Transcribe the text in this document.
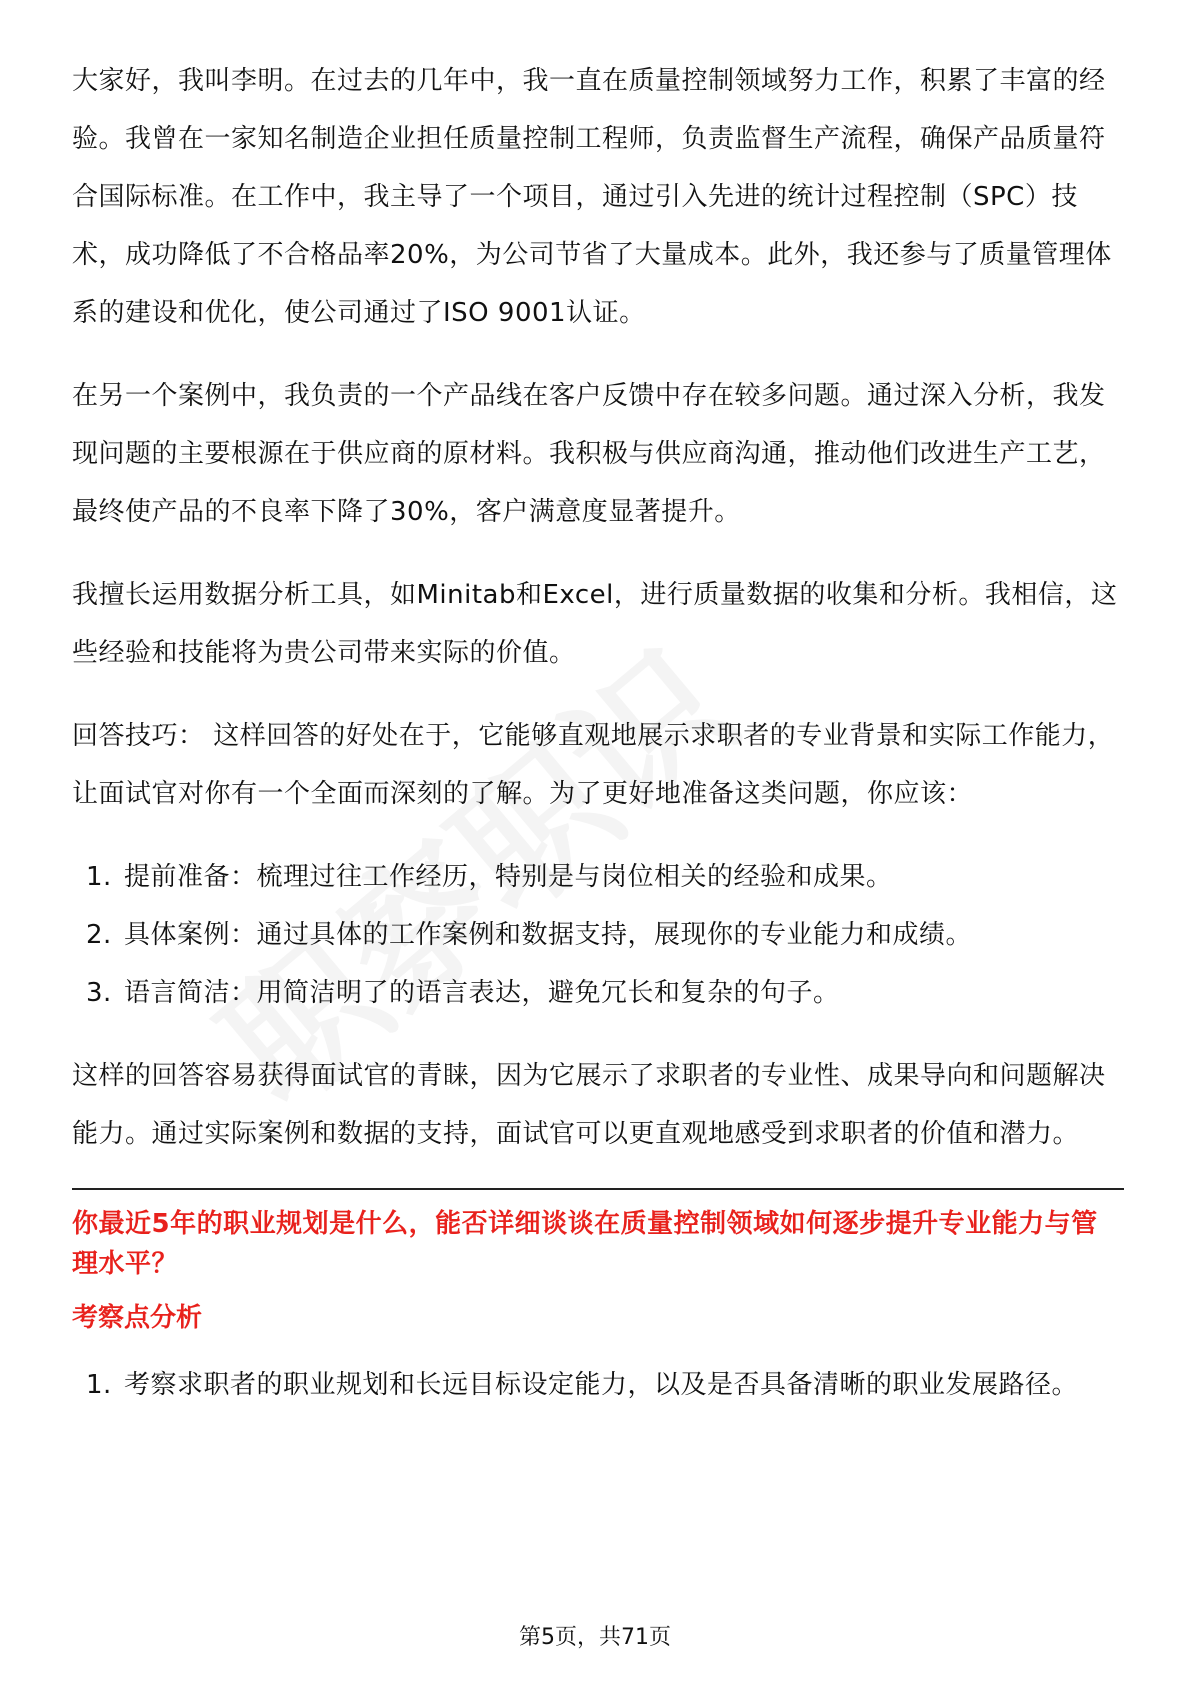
大家好，我叫李明。在过去的几年中，我一直在质量控制领域努力工作，积累了丰富的经验。我曾在一家知名制造企业担任质量控制工程师，负责监督生产流程，确保产品质量符合国际标准。在工作中，我主导了一个项目，通过引入先进的统计过程控制（SPC）技术，成功降低了不合格品率20%，为公司节省了大量成本。此外，我还参与了质量管理体系的建设和优化，使公司通过了ISO 9001认证。

在另一个案例中，我负责的一个产品线在客户反馈中存在较多问题。通过深入分析，我发现问题的主要根源在于供应商的原材料。我积极与供应商沟通，推动他们改进生产工艺，最终使产品的不良率下降了30%，客户满意度显著提升。

我擅长运用数据分析工具，如Minitab和Excel，进行质量数据的收集和分析。我相信，这些经验和技能将为贵公司带来实际的价值。

回答技巧： 这样回答的好处在于，它能够直观地展示求职者的专业背景和实际工作能力，让面试官对你有一个全面而深刻的了解。为了更好地准备这类问题，你应该：

1. 提前准备：梳理过往工作经历，特别是与岗位相关的经验和成果。
2. 具体案例：通过具体的工作案例和数据支持，展现你的专业能力和成绩。
3. 语言简洁：用简洁明了的语言表达，避免冗长和复杂的句子。

这样的回答容易获得面试官的青睐，因为它展示了求职者的专业性、成果导向和问题解决能力。通过实际案例和数据的支持，面试官可以更直观地感受到求职者的价值和潜力。

你最近5年的职业规划是什么，能否详细谈谈在质量控制领域如何逐步提升专业能力与管理水平？
考察点分析
1. 考察求职者的职业规划和长远目标设定能力，以及是否具备清晰的职业发展路径。
第5页，共71页
